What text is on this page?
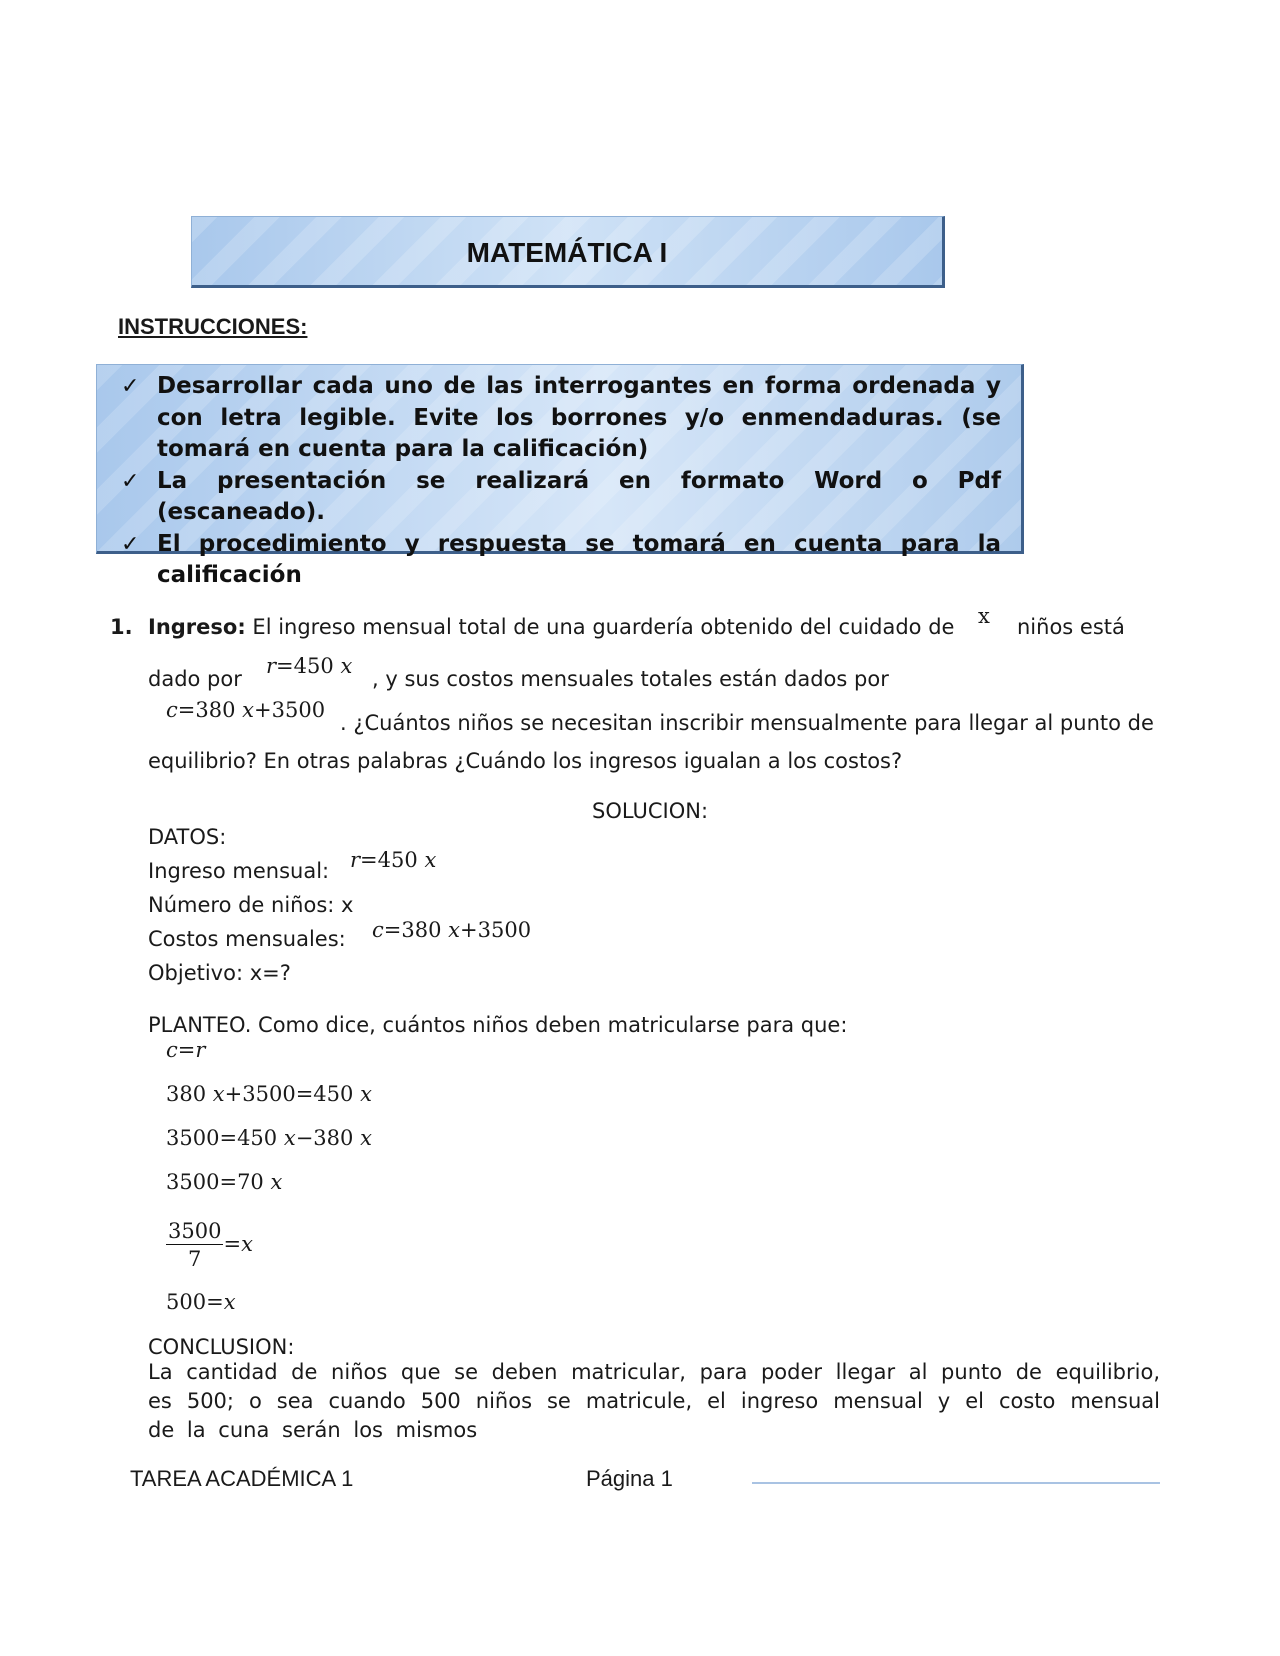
MATEMÁTICA I
INSTRUCCIONES:
✓ Desarrollar cada uno de las interrogantes en forma ordenada y con letra legible. Evite los borrones y/o enmendaduras. (se tomará en cuenta para la calificación)
✓ La presentación se realizará en formato Word o Pdf (escaneado).
✓ El procedimiento y respuesta se tomará en cuenta para la calificación
1. Ingreso: El ingreso mensual total de una guardería obtenido del cuidado de x niños está
dado por
r=450 x
, y sus costos mensuales totales están dados por
c=380 x+3500
. ¿Cuántos niños se necesitan inscribir mensualmente para llegar al punto de
equilibrio? En otras palabras ¿Cuándo los ingresos igualan a los costos?
SOLUCION:
DATOS:
Ingreso mensual: r=450 x
Número de niños: x
Costos mensuales: c=380 x+3500
Objetivo: x=?
PLANTEO. Como dice, cuántos niños deben matricularse para que:
c=r
380 x+3500=450 x
3500=450 x−380 x
3500=70 x
$\frac{3500}{7} =x$
500=x
CONCLUSION:
La cantidad de niños que se deben matricular, para poder llegar al punto de equilibrio, es 500; o sea cuando 500 niños se matricule, el ingreso mensual y el costo mensual de la cuna serán los mismos
TAREA ACADÉMICA 1	Página 1
